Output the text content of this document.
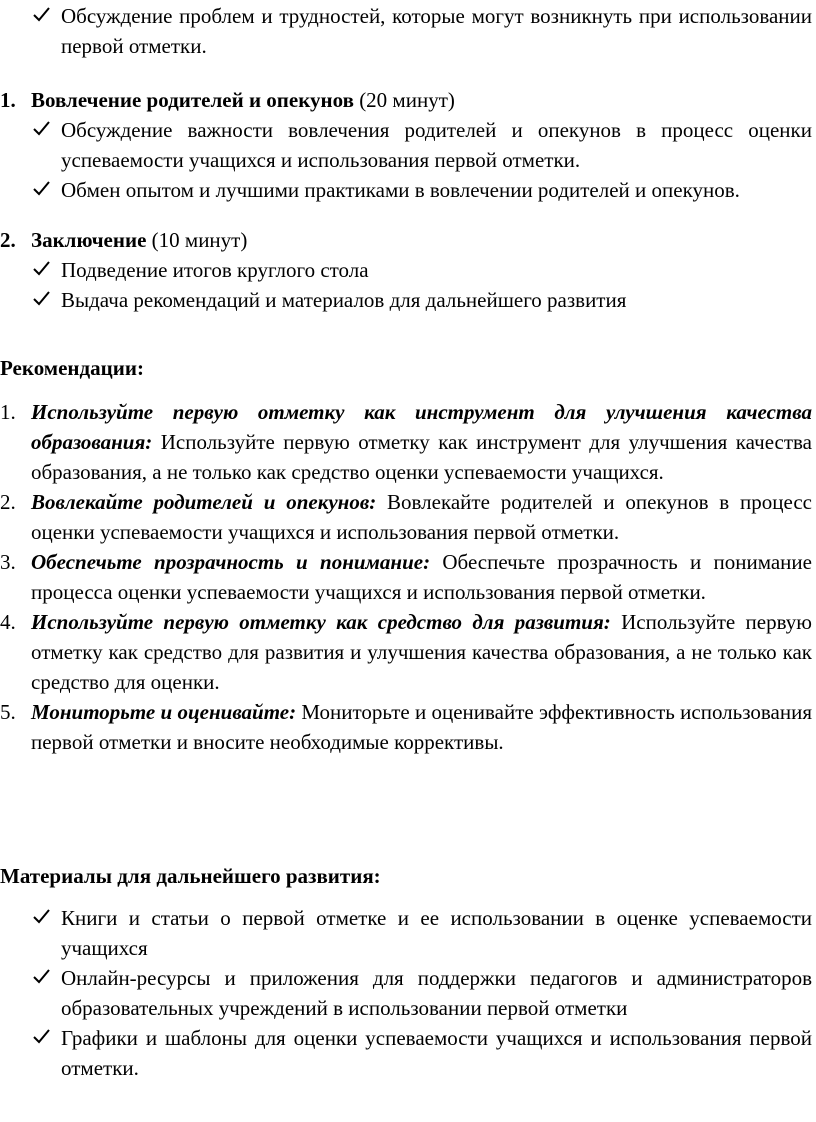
Обсуждение проблем и трудностей, которые могут возникнуть при использовании первой отметки.
1. Вовлечение родителей и опекунов (20 минут)
Обсуждение важности вовлечения родителей и опекунов в процесс оценки успеваемости учащихся и использования первой отметки.
Обмен опытом и лучшими практиками в вовлечении родителей и опекунов.
2. Заключение (10 минут)
Подведение итогов круглого стола
Выдача рекомендаций и материалов для дальнейшего развития
Рекомендации:
1. Используйте первую отметку как инструмент для улучшения качества образования: Используйте первую отметку как инструмент для улучшения качества образования, а не только как средство оценки успеваемости учащихся.
2. Вовлекайте родителей и опекунов: Вовлекайте родителей и опекунов в процесс оценки успеваемости учащихся и использования первой отметки.
3. Обеспечьте прозрачность и понимание: Обеспечьте прозрачность и понимание процесса оценки успеваемости учащихся и использования первой отметки.
4. Используйте первую отметку как средство для развития: Используйте первую отметку как средство для развития и улучшения качества образования, а не только как средство для оценки.
5. Мониторьте и оценивайте: Мониторьте и оценивайте эффективность использования первой отметки и вносите необходимые коррективы.
Материалы для дальнейшего развития:
Книги и статьи о первой отметке и ее использовании в оценке успеваемости учащихся
Онлайн-ресурсы и приложения для поддержки педагогов и администраторов образовательных учреждений в использовании первой отметки
Графики и шаблоны для оценки успеваемости учащихся и использования первой отметки.
